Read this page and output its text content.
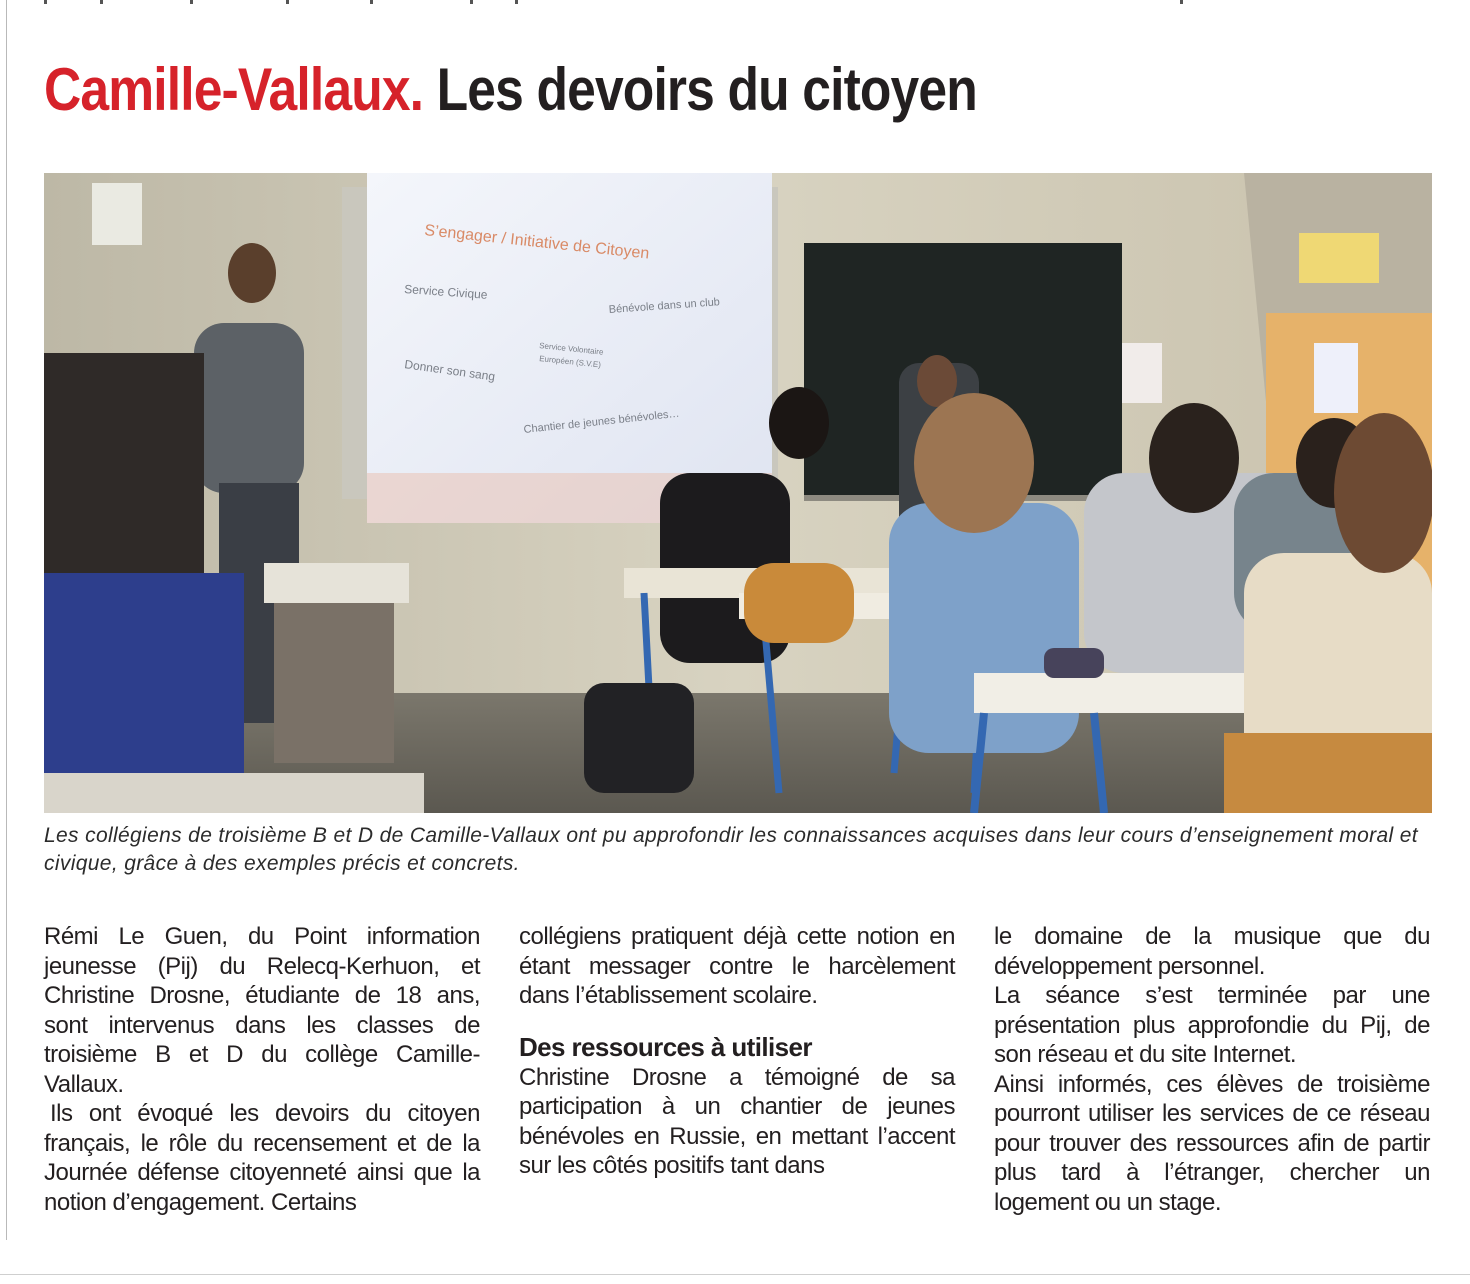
Camille-Vallaux. Les devoirs du citoyen
S’engager / Initiative de Citoyen
Service Civique
Bénévole dans un club
Service Volontaire
Européen (S.V.E)
Donner son sang
Chantier de jeunes bénévoles…

Les collégiens de troisième B et D de Camille-Vallaux ont pu approfondir les connaissances acquises dans leur cours d’enseignement moral et civique, grâce à des exemples précis et concrets.

Rémi Le Guen, du Point information jeunesse (Pij) du Relecq-Kerhuon, et Christine Drosne, étudiante de 18 ans, sont intervenus dans les classes de troisième B et D du collège Camille-Vallaux.

Ils ont évoqué les devoirs du citoyen français, le rôle du recensement et de la Journée défense citoyenneté ainsi que la notion d’engagement. Certains

collégiens pratiquent déjà cette notion en étant messager contre le harcèlement dans l’établissement scolaire.

Des ressources à utiliser

Christine Drosne a témoigné de sa participation à un chantier de jeunes bénévoles en Russie, en mettant l’accent sur les côtés positifs tant dans

le domaine de la musique que du développement personnel.

La séance s’est terminée par une présentation plus approfondie du Pij, de son réseau et du site Internet.

Ainsi informés, ces élèves de troisième pourront utiliser les services de ce réseau pour trouver des ressources afin de partir plus tard à l’étranger, chercher un logement ou un stage.
